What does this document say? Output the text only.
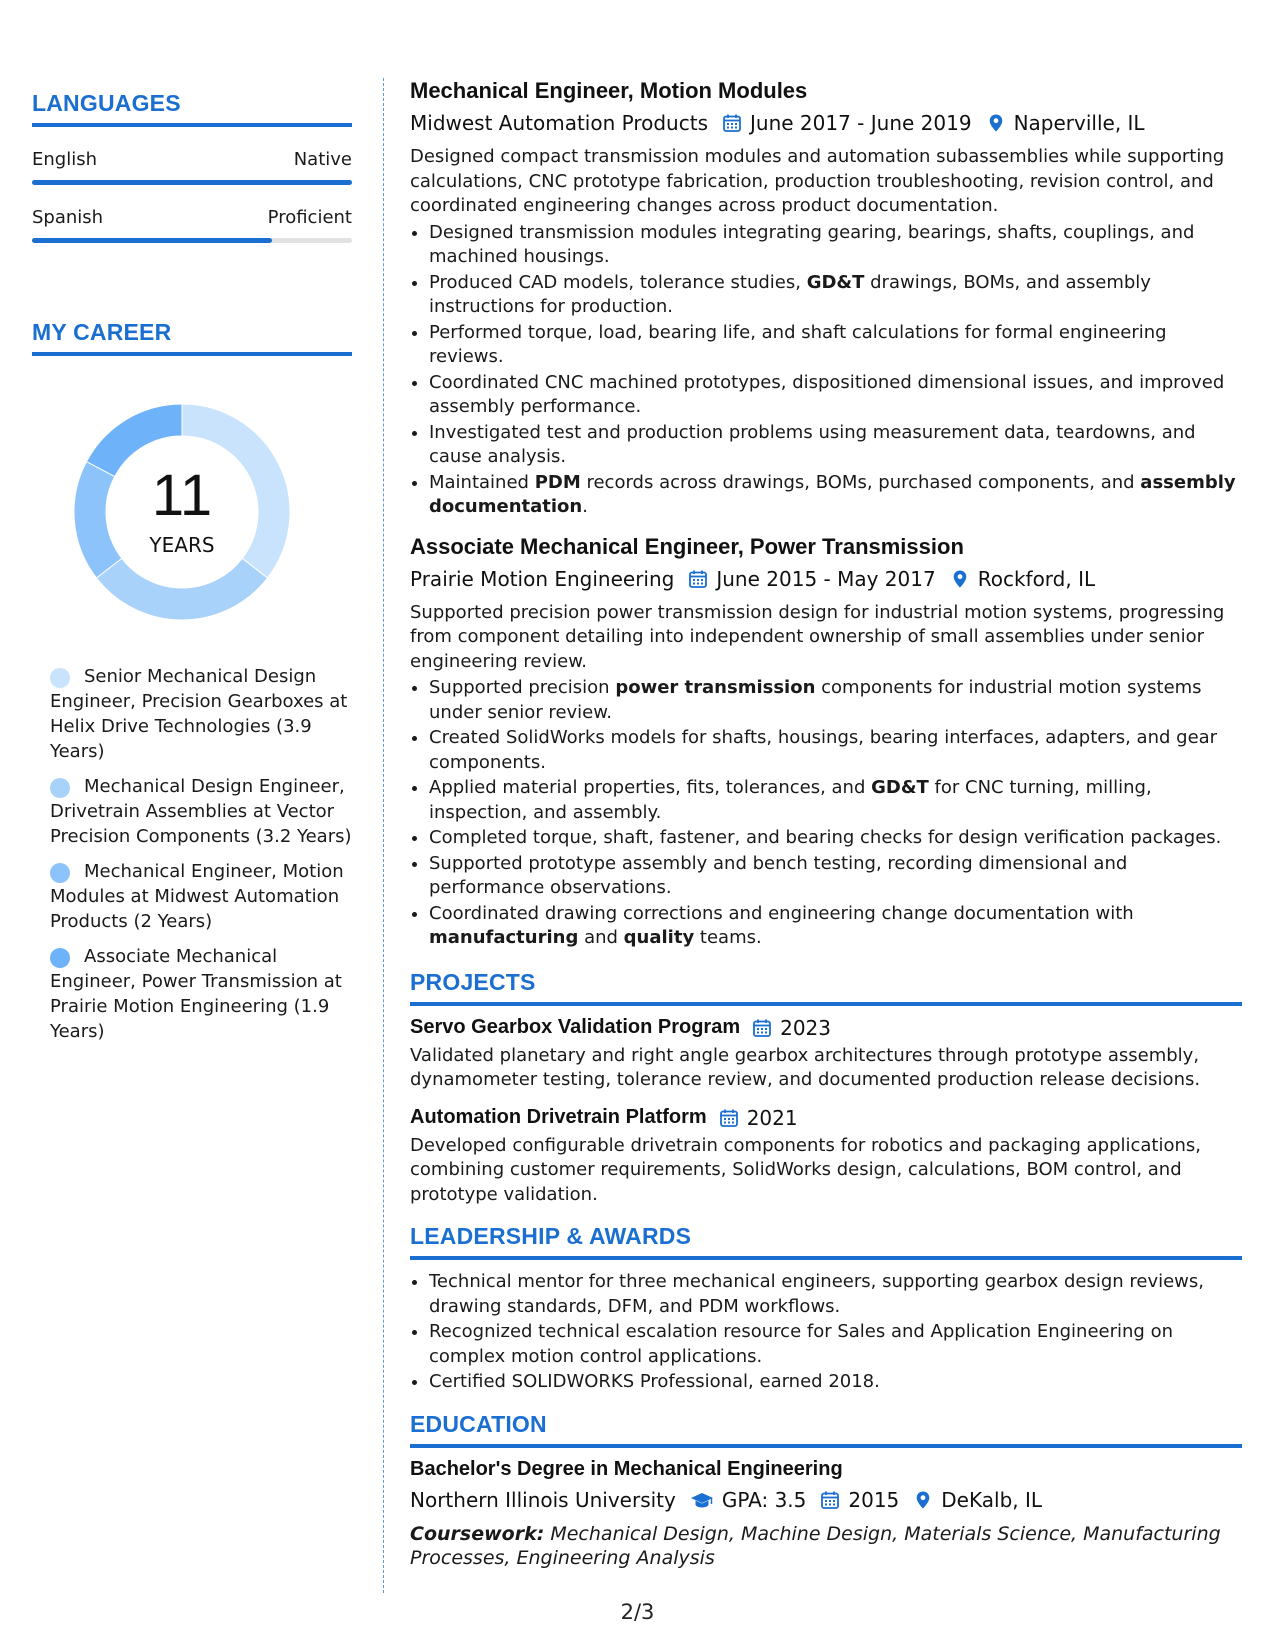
LANGUAGES
English	Native
Spanish	Proficient
MY CAREER
11
YEARS
Senior Mechanical Design Engineer, Precision Gearboxes at Helix Drive Technologies (3.9 Years)
Mechanical Design Engineer, Drivetrain Assemblies at Vector Precision Components (3.2 Years)
Mechanical Engineer, Motion Modules at Midwest Automation Products (2 Years)
Associate Mechanical Engineer, Power Transmission at Prairie Motion Engineering (1.9 Years)
Mechanical Engineer, Motion Modules
Midwest Automation Products June 2017 - June 2019 Naperville, IL
Designed compact transmission modules and automation subassemblies while supporting calculations, CNC prototype fabrication, production troubleshooting, revision control, and coordinated engineering changes across product documentation.
• Designed transmission modules integrating gearing, bearings, shafts, couplings, and machined housings.
• Produced CAD models, tolerance studies, GD&T drawings, BOMs, and assembly instructions for production.
• Performed torque, load, bearing life, and shaft calculations for formal engineering reviews.
• Coordinated CNC machined prototypes, dispositioned dimensional issues, and improved assembly performance.
• Investigated test and production problems using measurement data, teardowns, and cause analysis.
• Maintained PDM records across drawings, BOMs, purchased components, and assembly documentation.
Associate Mechanical Engineer, Power Transmission
Prairie Motion Engineering June 2015 - May 2017 Rockford, IL
Supported precision power transmission design for industrial motion systems, progressing from component detailing into independent ownership of small assemblies under senior engineering review.
• Supported precision power transmission components for industrial motion systems under senior review.
• Created SolidWorks models for shafts, housings, bearing interfaces, adapters, and gear components.
• Applied material properties, fits, tolerances, and GD&T for CNC turning, milling, inspection, and assembly.
• Completed torque, shaft, fastener, and bearing checks for design verification packages.
• Supported prototype assembly and bench testing, recording dimensional and performance observations.
• Coordinated drawing corrections and engineering change documentation with manufacturing and quality teams.
PROJECTS
Servo Gearbox Validation Program 2023
Validated planetary and right angle gearbox architectures through prototype assembly, dynamometer testing, tolerance review, and documented production release decisions.
Automation Drivetrain Platform 2021
Developed configurable drivetrain components for robotics and packaging applications, combining customer requirements, SolidWorks design, calculations, BOM control, and prototype validation.
LEADERSHIP & AWARDS
• Technical mentor for three mechanical engineers, supporting gearbox design reviews, drawing standards, DFM, and PDM workflows.
• Recognized technical escalation resource for Sales and Application Engineering on complex motion control applications.
• Certified SOLIDWORKS Professional, earned 2018.
EDUCATION
Bachelor's Degree in Mechanical Engineering
Northern Illinois University GPA: 3.5 2015 DeKalb, IL
Coursework: Mechanical Design, Machine Design, Materials Science, Manufacturing Processes, Engineering Analysis
2/3
